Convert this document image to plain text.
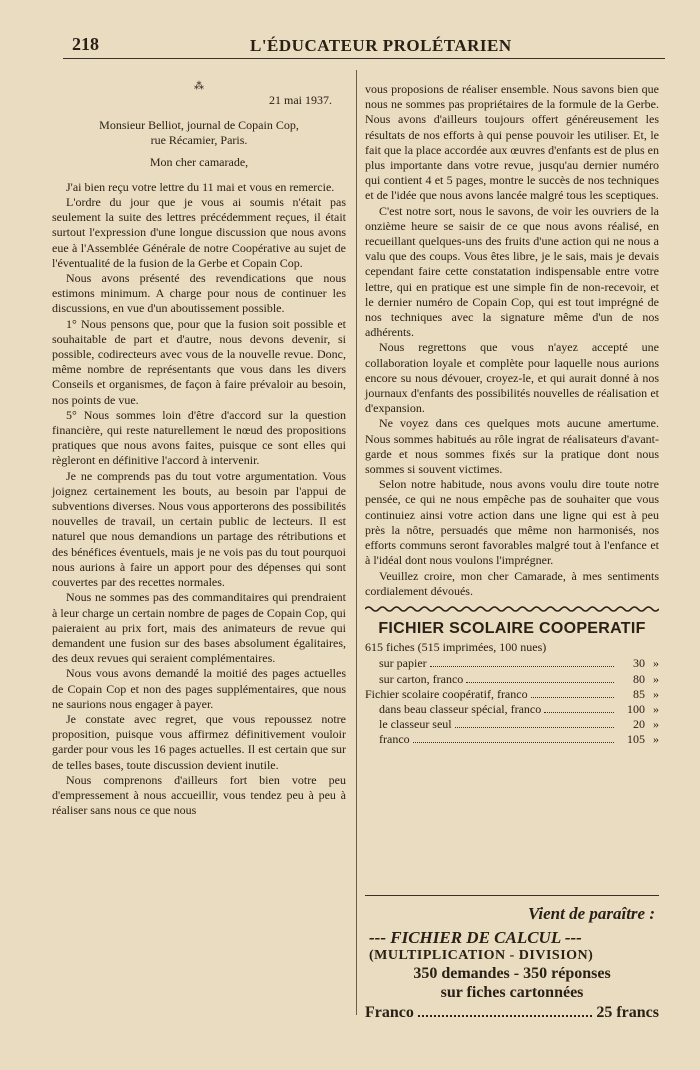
218	L'ÉDUCATEUR PROLÉTARIEN
⁂
21 mai 1937.
Monsieur Belliot, journal de Copain Cop,
rue Récamier, Paris.
Mon cher camarade,

J'ai bien reçu votre lettre du 11 mai et vous en remercie.

L'ordre du jour que je vous ai soumis n'était pas seulement la suite des lettres précédemment reçues, il était surtout l'expression d'une longue discussion que nous avons eue à l'Assemblée Générale de notre Coopérative au sujet de l'éventualité de la fusion de la Gerbe et Copain Cop.

Nous avons présenté des revendications que nous estimons minimum. A charge pour nous de continuer les discussions, en vue d'un aboutissement possible.

1° Nous pensons que, pour que la fusion soit possible et souhaitable de part et d'autre, nous devons devenir, si possible, codirecteurs avec vous de la nouvelle revue. Donc, même nombre de représentants que vous dans les divers Conseils et organismes, de façon à faire prévaloir au besoin, nos points de vue.

5° Nous sommes loin d'être d'accord sur la question financière, qui reste naturellement le nœud des propositions pratiques que nous avons faites, puisque ce sont elles qui règleront en définitive l'accord à intervenir.

Je ne comprends pas du tout votre argumentation. Vous joignez certainement les bouts, au besoin par l'appui de subventions diverses. Nous vous apporterons des possibilités nouvelles de travail, un certain public de lecteurs. Il est naturel que nous demandions un partage des rétributions et des bénéfices éventuels, mais je ne vois pas du tout pourquoi nous aurions à faire un apport pour des dépenses qui sont couvertes par des recettes normales.

Nous ne sommes pas des commanditaires qui prendraient à leur charge un certain nombre de pages de Copain Cop, qui paieraient au prix fort, mais des animateurs de revue qui demandent une fusion sur des bases absolument égalitaires, des deux revues qui seraient complémentaires.

Nous vous avons demandé la moitié des pages actuelles de Copain Cop et non des pages supplémentaires, que nous ne saurions nous engager à payer.

Je constate avec regret, que vous repoussez notre proposition, puisque vous affirmez définitivement vouloir garder pour vous les 16 pages actuelles. Il est certain que sur de telles bases, toute discussion devient inutile.

Nous comprenons d'ailleurs fort bien votre peu d'empressement à nous accueillir, vous tendez peu à peu à réaliser sans nous ce que nous

vous proposions de réaliser ensemble. Nous savons bien que nous ne sommes pas propriétaires de la formule de la Gerbe. Nous avons d'ailleurs toujours offert généreusement les résultats de nos efforts à qui pense pouvoir les utiliser. Et, le fait que la place accordée aux œuvres d'enfants est de plus en plus importante dans votre revue, jusqu'au dernier numéro qui contient 4 et 5 pages, montre le succès de nos techniques et de l'idée que nous avons lancée malgré tous les sceptiques.

C'est notre sort, nous le savons, de voir les ouvriers de la onzième heure se saisir de ce que nous avons réalisé, en recueillant quelques-uns des fruits d'une action qui ne nous a valu que des coups. Vous êtes libre, je le sais, mais je devais cependant faire cette constatation indispensable entre votre lettre, qui en pratique est une simple fin de non-recevoir, et le dernier numéro de Copain Cop, qui est tout imprégné de nos techniques avec la signature même d'un de nos adhérents.

Nous regrettons que vous n'ayez accepté une collaboration loyale et complète pour laquelle nous aurions encore su nous dévouer, croyez-le, et qui aurait donné à nos journaux d'enfants des possibilités nouvelles de réalisation et d'expansion.

Ne voyez dans ces quelques mots aucune amertume. Nous sommes habitués au rôle ingrat de réalisateurs d'avant-garde et nous sommes fixés sur la pratique dont nous sommes si souvent victimes.

Selon notre habitude, nous avons voulu dire toute notre pensée, ce qui ne nous empêche pas de souhaiter que vous continuiez ainsi votre action dans une ligne qui est à peu près la nôtre, persuadés que même non harmonisés, nos efforts communs seront favorables malgré tout à l'enfance et à l'idéal dont nous voulons l'imprégner.

Veuillez croire, mon cher Camarade, à mes sentiments cordialement dévoués.

FICHIER SCOLAIRE COOPERATIF
615 fiches (515 imprimées, 100 nues)
sur papier	30 »
sur carton, franco	80 »
Fichier scolaire coopératif, franco	85 »
dans beau classeur spécial, franco	100 »
le classeur seul	20 »
franco	105 »
Vient de paraître :
--- FICHIER DE CALCUL ---
(MULTIPLICATION - DIVISION)
350 demandes - 350 réponses
sur fiches cartonnées
Franco	25 francs
